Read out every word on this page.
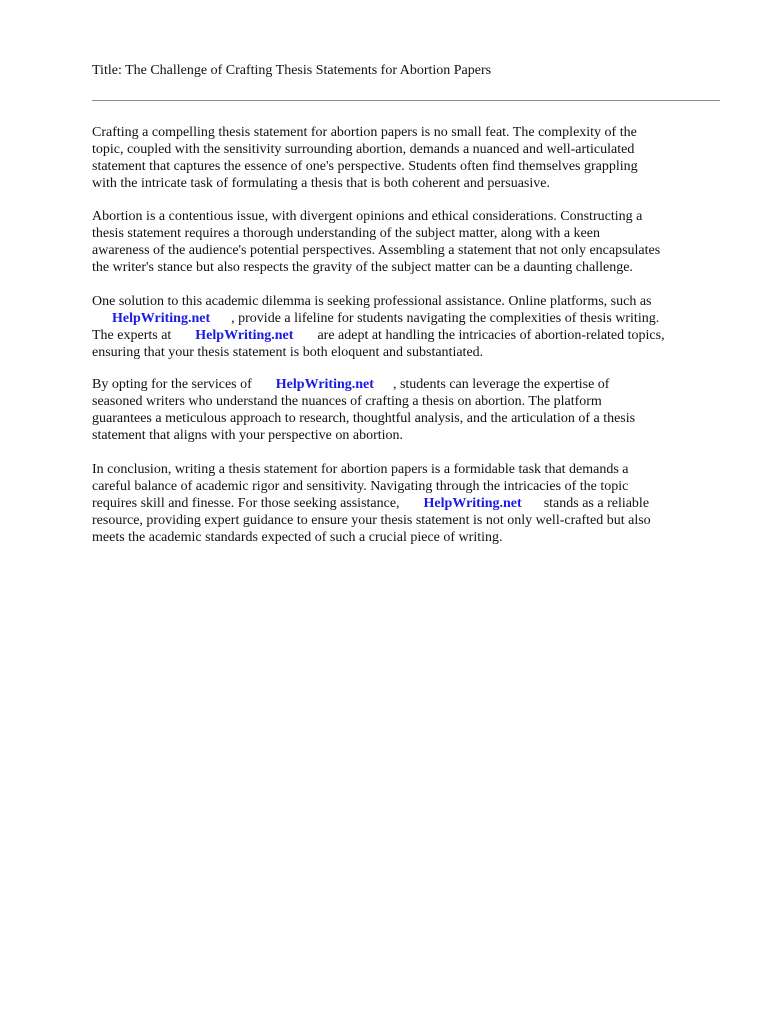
Title: The Challenge of Crafting Thesis Statements for Abortion Papers

Crafting a compelling thesis statement for abortion papers is no small feat. The complexity of the
topic, coupled with the sensitivity surrounding abortion, demands a nuanced and well-articulated
statement that captures the essence of one's perspective. Students often find themselves grappling
with the intricate task of formulating a thesis that is both coherent and persuasive.

Abortion is a contentious issue, with divergent opinions and ethical considerations. Constructing a
thesis statement requires a thorough understanding of the subject matter, along with a keen
awareness of the audience's potential perspectives. Assembling a statement that not only encapsulates
the writer's stance but also respects the gravity of the subject matter can be a daunting challenge.

One solution to this academic dilemma is seeking professional assistance. Online platforms, such as
HelpWriting.net , provide a lifeline for students navigating the complexities of thesis writing.
The experts at HelpWriting.net are adept at handling the intricacies of abortion-related topics,
ensuring that your thesis statement is both eloquent and substantiated.

By opting for the services of HelpWriting.net , students can leverage the expertise of
seasoned writers who understand the nuances of crafting a thesis on abortion. The platform
guarantees a meticulous approach to research, thoughtful analysis, and the articulation of a thesis
statement that aligns with your perspective on abortion.

In conclusion, writing a thesis statement for abortion papers is a formidable task that demands a
careful balance of academic rigor and sensitivity. Navigating through the intricacies of the topic
requires skill and finesse. For those seeking assistance, HelpWriting.net stands as a reliable
resource, providing expert guidance to ensure your thesis statement is not only well-crafted but also
meets the academic standards expected of such a crucial piece of writing.
